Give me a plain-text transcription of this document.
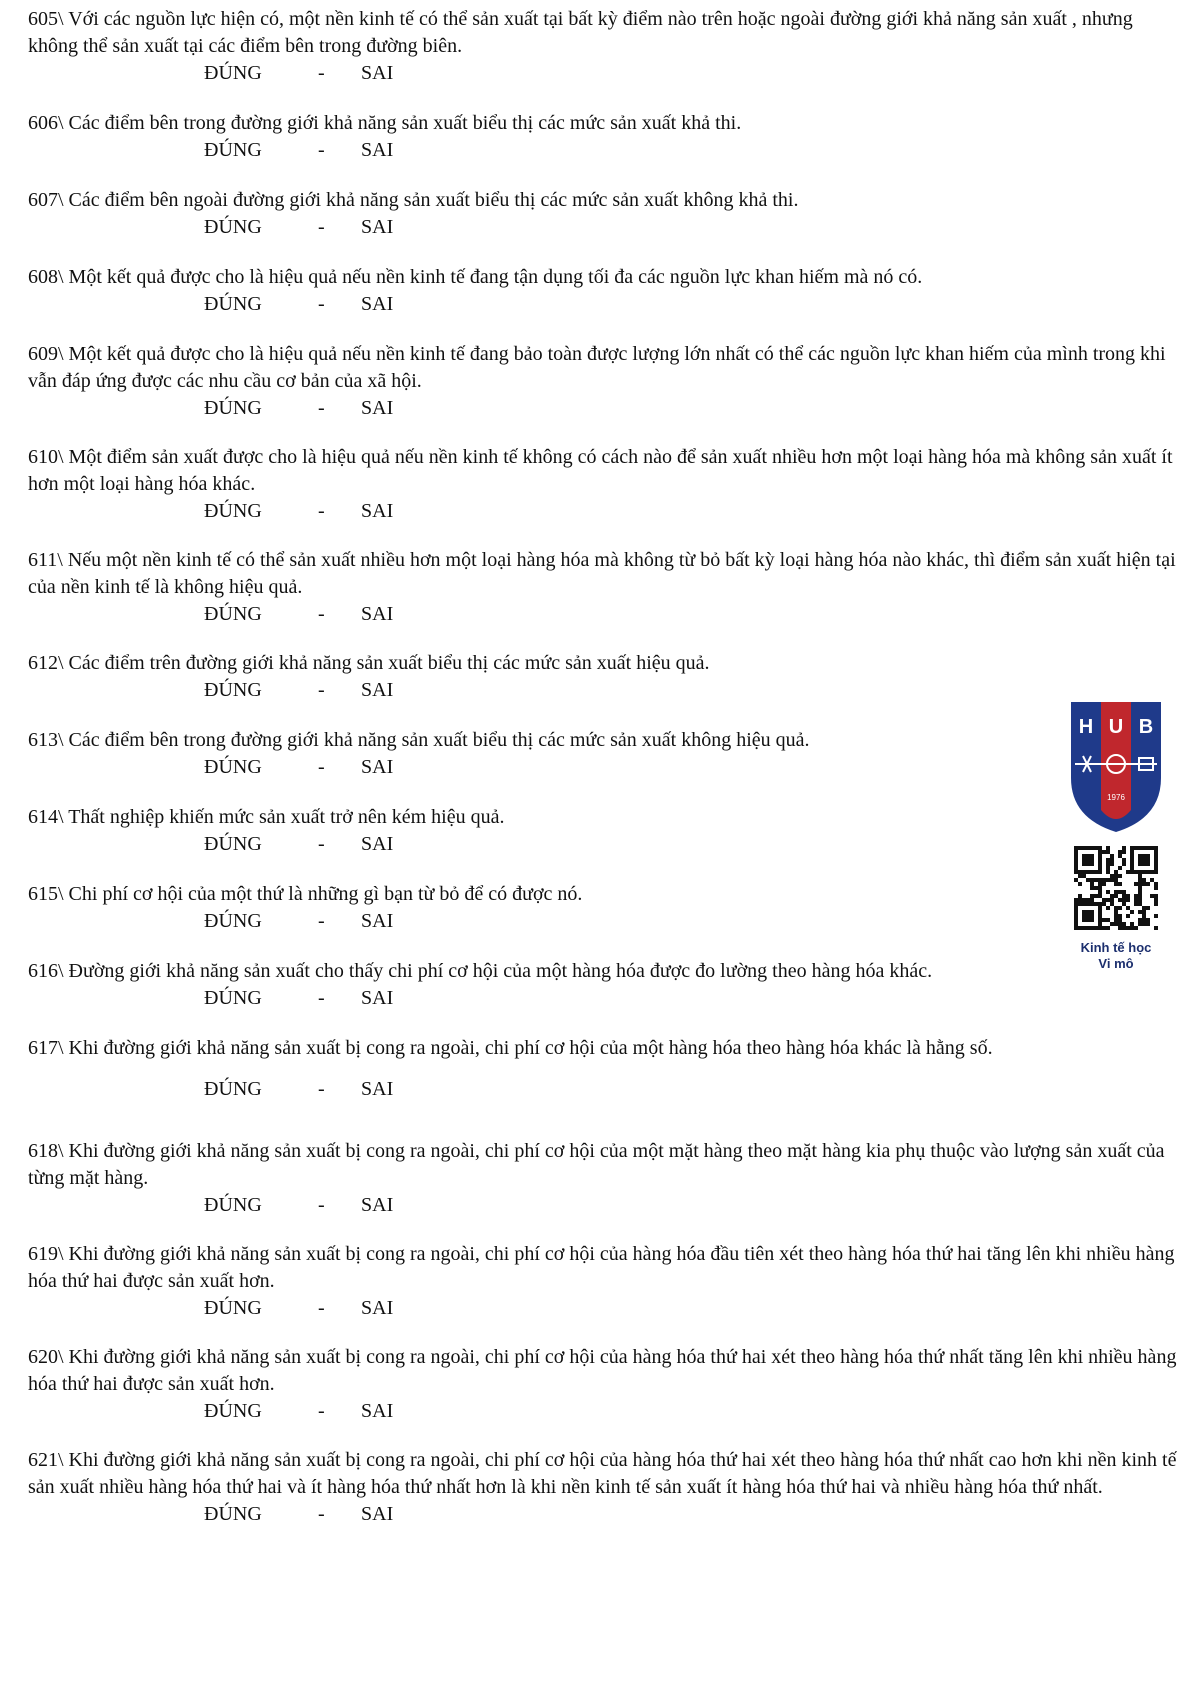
605\ Với các nguồn lực hiện có, một nền kinh tế có thể sản xuất tại bất kỳ điểm nào trên hoặc ngoài đường giới khả năng sản xuất , nhưng không thể sản xuất tại các điểm bên trong đường biên.

ĐÚNG	- SAI

606\ Các điểm bên trong đường giới khả năng sản xuất biểu thị các mức sản xuất khả thi.

ĐÚNG	- SAI

607\ Các điểm bên ngoài đường giới khả năng sản xuất biểu thị các mức sản xuất không khả thi.

ĐÚNG	- SAI

608\ Một kết quả được cho là hiệu quả nếu nền kinh tế đang tận dụng tối đa các nguồn lực khan hiếm mà nó có.

ĐÚNG	- SAI

609\ Một kết quả được cho là hiệu quả nếu nền kinh tế đang bảo toàn được lượng lớn nhất có thể các nguồn lực khan hiếm của mình trong khi vẫn đáp ứng được các nhu cầu cơ bản của xã hội.

ĐÚNG	- SAI

610\ Một điểm sản xuất được cho là hiệu quả nếu nền kinh tế không có cách nào để sản xuất nhiều hơn một loại hàng hóa mà không sản xuất ít hơn một loại hàng hóa khác.

ĐÚNG	- SAI

611\ Nếu một nền kinh tế có thể sản xuất nhiều hơn một loại hàng hóa mà không từ bỏ bất kỳ loại hàng hóa nào khác, thì điểm sản xuất hiện tại của nền kinh tế là không hiệu quả.

ĐÚNG	- SAI

612\ Các điểm trên đường giới khả năng sản xuất biểu thị các mức sản xuất hiệu quả.

ĐÚNG	- SAI

613\ Các điểm bên trong đường giới khả năng sản xuất biểu thị các mức sản xuất không hiệu quả.

ĐÚNG	- SAI

614\ Thất nghiệp khiến mức sản xuất trở nên kém hiệu quả.

ĐÚNG	- SAI

615\ Chi phí cơ hội của một thứ là những gì bạn từ bỏ để có được nó.

ĐÚNG	- SAI

616\ Đường giới khả năng sản xuất cho thấy chi phí cơ hội của một hàng hóa được đo lường theo hàng hóa khác.

ĐÚNG	- SAI

617\ Khi đường giới khả năng sản xuất bị cong ra ngoài, chi phí cơ hội của một hàng hóa theo hàng hóa khác là hằng số.

ĐÚNG	- SAI

618\ Khi đường giới khả năng sản xuất bị cong ra ngoài, chi phí cơ hội của một mặt hàng theo mặt hàng kia phụ thuộc vào lượng sản xuất của từng mặt hàng.

ĐÚNG	- SAI

619\ Khi đường giới khả năng sản xuất bị cong ra ngoài, chi phí cơ hội của hàng hóa đầu tiên xét theo hàng hóa thứ hai tăng lên khi nhiều hàng hóa thứ hai được sản xuất hơn.

ĐÚNG	- SAI

620\ Khi đường giới khả năng sản xuất bị cong ra ngoài, chi phí cơ hội của hàng hóa thứ hai xét theo hàng hóa thứ nhất tăng lên khi nhiều hàng hóa thứ hai được sản xuất hơn.

ĐÚNG	- SAI

621\ Khi đường giới khả năng sản xuất bị cong ra ngoài, chi phí cơ hội của hàng hóa thứ hai xét theo hàng hóa thứ nhất cao hơn khi nền kinh tế sản xuất nhiều hàng hóa thứ hai và ít hàng hóa thứ nhất hơn là khi nền kinh tế sản xuất ít hàng hóa thứ hai và nhiều hàng hóa thứ nhất.

ĐÚNG	- SAI
H U B
1976
Kinh tế học
Vi mô
